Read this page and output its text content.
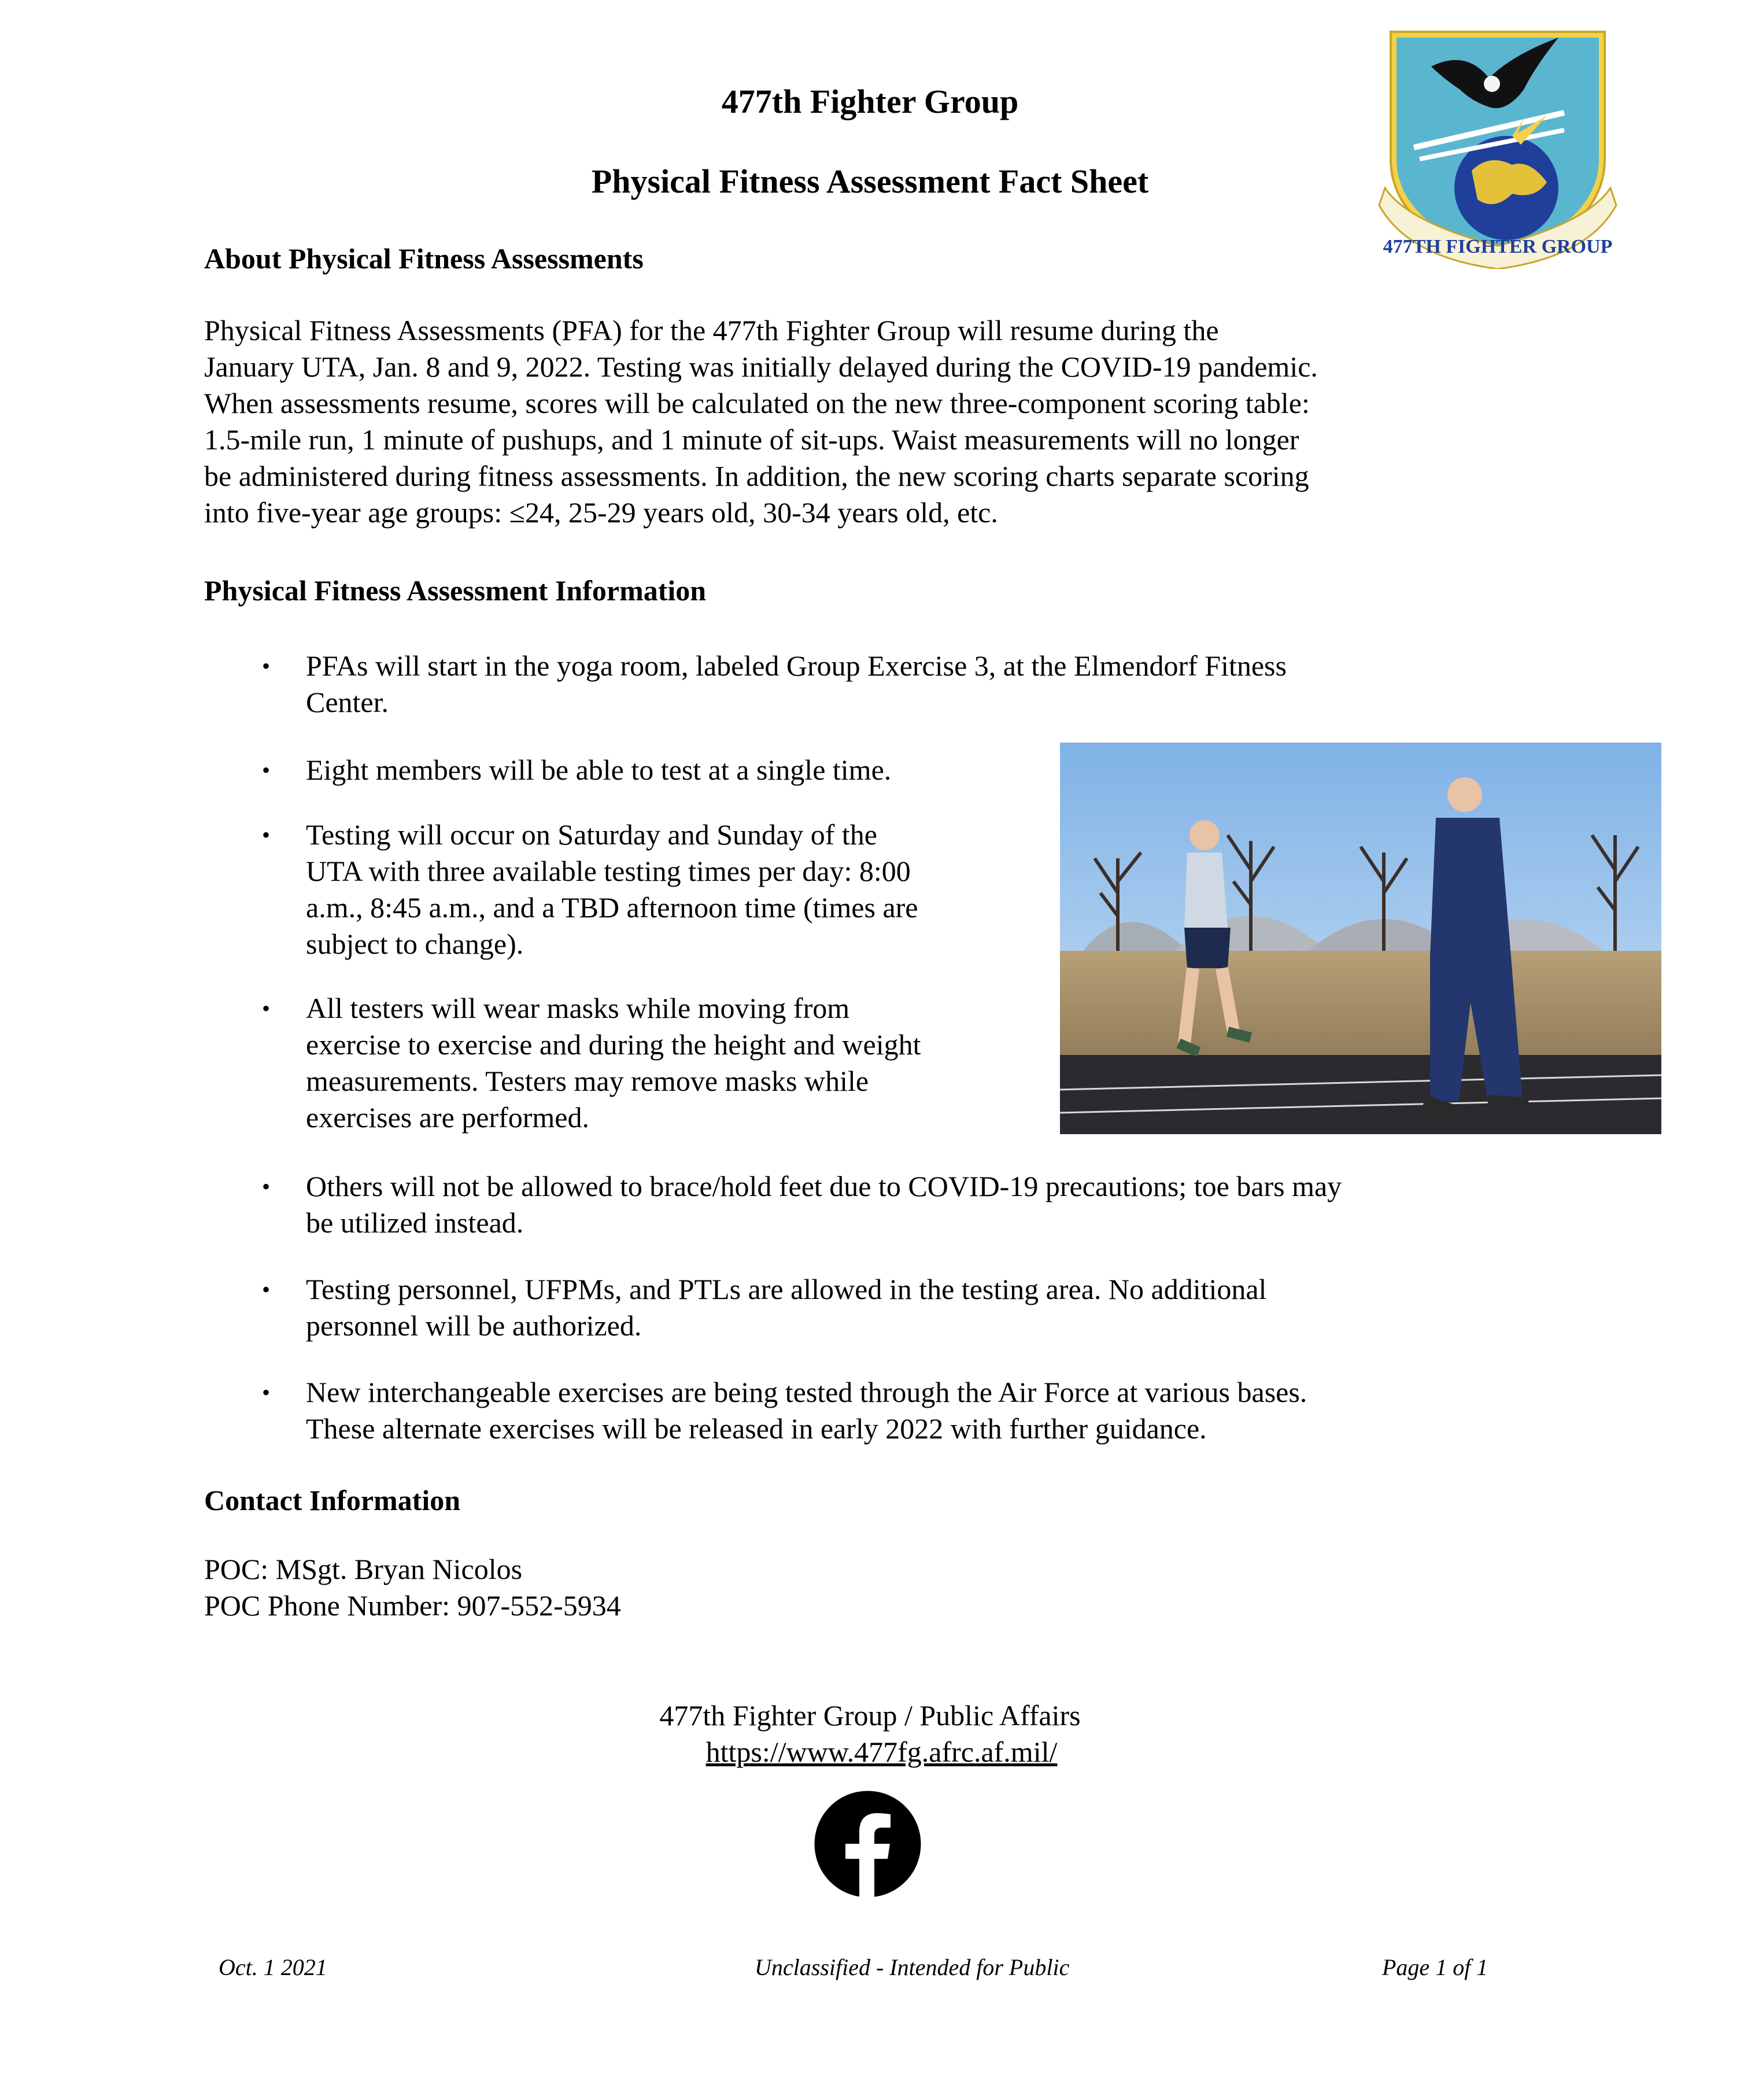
477TH FIGHTER GROUP
477th Fighter Group
Physical Fitness Assessment Fact Sheet
About Physical Fitness Assessments

Physical Fitness Assessments (PFA) for the 477th Fighter Group will resume during the

January UTA, Jan. 8 and 9, 2022. Testing was initially delayed during the COVID-19 pandemic.

When assessments resume, scores will be calculated on the new three-component scoring table:

1.5-mile run, 1 minute of pushups, and 1 minute of sit-ups. Waist measurements will no longer

be administered during fitness assessments. In addition, the new scoring charts separate scoring

into five-year age groups: ≤24, 25-29 years old, 30-34 years old, etc.

Physical Fitness Assessment Information
•	PFAs will start in the yoga room, labeled Group Exercise 3, at the Elmendorf Fitness
Center.
•	Eight members will be able to test at a single time.
•	Testing will occur on Saturday and Sunday of the
UTA with three available testing times per day: 8:00
a.m., 8:45 a.m., and a TBD afternoon time (times are
subject to change).
•	All testers will wear masks while moving from
exercise to exercise and during the height and weight
measurements. Testers may remove masks while
exercises are performed.
•	Others will not be allowed to brace/hold feet due to COVID-19 precautions; toe bars may
be utilized instead.
•	Testing personnel, UFPMs, and PTLs are allowed in the testing area. No additional
personnel will be authorized.
•	New interchangeable exercises are being tested through the Air Force at various bases.
These alternate exercises will be released in early 2022 with further guidance.
Contact Information

POC: MSgt. Bryan Nicolos

POC Phone Number: 907-552-5934

477th Fighter Group / Public Affairs
https://www.477fg.afrc.af.mil/
Oct. 1 2021	Unclassified - Intended for Public	Page 1 of 1
